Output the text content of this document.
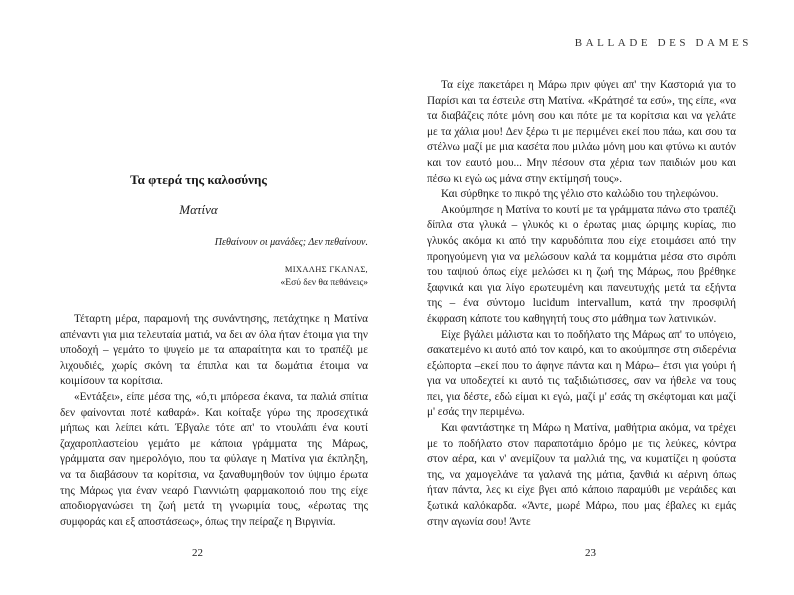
Τα φτερά της καλοσύνης
Ματίνα
Πεθαίνουν οι μανάδες; Δεν πεθαίνουν.
ΜΙΧΑΛΗΣ ΓΚΑΝΑΣ,
«Εσύ δεν θα πεθάνεις»

Τέταρτη μέρα, παραμονή της συνάντησης, πετάχτηκε η Ματίνα απέναντι για μια τελευταία ματιά, να δει αν όλα ήταν έτοιμα για την υποδοχή – γεμάτο το ψυγείο με τα απαραίτητα και το τραπέζι με λιχουδιές, χωρίς σκόνη τα έπιπλα και τα δωμάτια έτοιμα να κοιμίσουν τα κορίτσια.

«Εντάξει», είπε μέσα της, «ό,τι μπόρεσα έκανα, τα παλιά σπίτια δεν φαίνονται ποτέ καθαρά». Και κοίταξε γύρω της προσεχτικά μήπως και λείπει κάτι. Έβγαλε τότε απ' το ντουλάπι ένα κουτί ζαχαροπλαστείου γεμάτο με κάποια γράμματα της Μάρως, γράμματα σαν ημερολόγιο, που τα φύλαγε η Ματίνα για έκπληξη, να τα διαβάσουν τα κορίτσια, να ξαναθυμηθούν τον ύψιμο έρωτα της Μάρως για έναν νεαρό Γιαννιώτη φαρμακοποιό που της είχε αποδιοργανώσει τη ζωή μετά τη γνωριμία τους, «έρωτας της συμφοράς και εξ αποστάσεως», όπως την πείραζε η Βιργινία.

22
BALLADE DES DAMES

Τα είχε πακετάρει η Μάρω πριν φύγει απ' την Καστοριά για το Παρίσι και τα έστειλε στη Ματίνα. «Κράτησέ τα εσύ», της είπε, «να τα διαβάζεις πότε μόνη σου και πότε με τα κορίτσια και να γελάτε με τα χάλια μου! Δεν ξέρω τι με περιμένει εκεί που πάω, και σου τα στέλνω μαζί με μια κασέτα που μιλάω μόνη μου και φτύνω κι αυτόν και τον εαυτό μου... Μην πέσουν στα χέρια των παιδιών μου και πέσω κι εγώ ως μάνα στην εκτίμησή τους».

Και σύρθηκε το πικρό της γέλιο στο καλώδιο του τηλεφώνου.

Ακούμπησε η Ματίνα το κουτί με τα γράμματα πάνω στο τραπέζι δίπλα στα γλυκά – γλυκός κι ο έρωτας μιας ώριμης κυρίας, πιο γλυκός ακόμα κι από την καρυδόπιτα που είχε ετοιμάσει από την προηγούμενη για να μελώσουν καλά τα κομμάτια μέσα στο σιρόπι του ταψιού όπως είχε μελώσει κι η ζωή της Μάρως, που βρέθηκε ξαφνικά και για λίγο ερωτευμένη και πανευτυχής μετά τα εξήντα της – ένα σύντομο lucidum intervallum, κατά την προσφιλή έκφραση κάποτε του καθηγητή τους στο μάθημα των λατινικών.

Είχε βγάλει μάλιστα και το ποδήλατο της Μάρως απ' το υπόγειο, σακατεμένο κι αυτό από τον καιρό, και το ακούμπησε στη σιδερένια εξώπορτα –εκεί που το άφηνε πάντα και η Μάρω– έτσι για γούρι ή για να υποδεχτεί κι αυτό τις ταξιδιώτισσες, σαν να ήθελε να τους πει, για δέστε, εδώ είμαι κι εγώ, μαζί μ' εσάς τη σκέφτομαι και μαζί μ' εσάς την περιμένω.

Και φαντάστηκε τη Μάρω η Ματίνα, μαθήτρια ακόμα, να τρέχει με το ποδήλατο στον παραποτάμιο δρόμο με τις λεύκες, κόντρα στον αέρα, και ν' ανεμίζουν τα μαλλιά της, να κυματίζει η φούστα της, να χαμογελάνε τα γαλανά της μάτια, ξανθιά κι αέρινη όπως ήταν πάντα, λες κι είχε βγει από κάποιο παραμύθι με νεράιδες και ξωτικά καλόκαρδα. «Άντε, μωρέ Μάρω, που μας έβαλες κι εμάς στην αγωνία σου! Άντε

23
